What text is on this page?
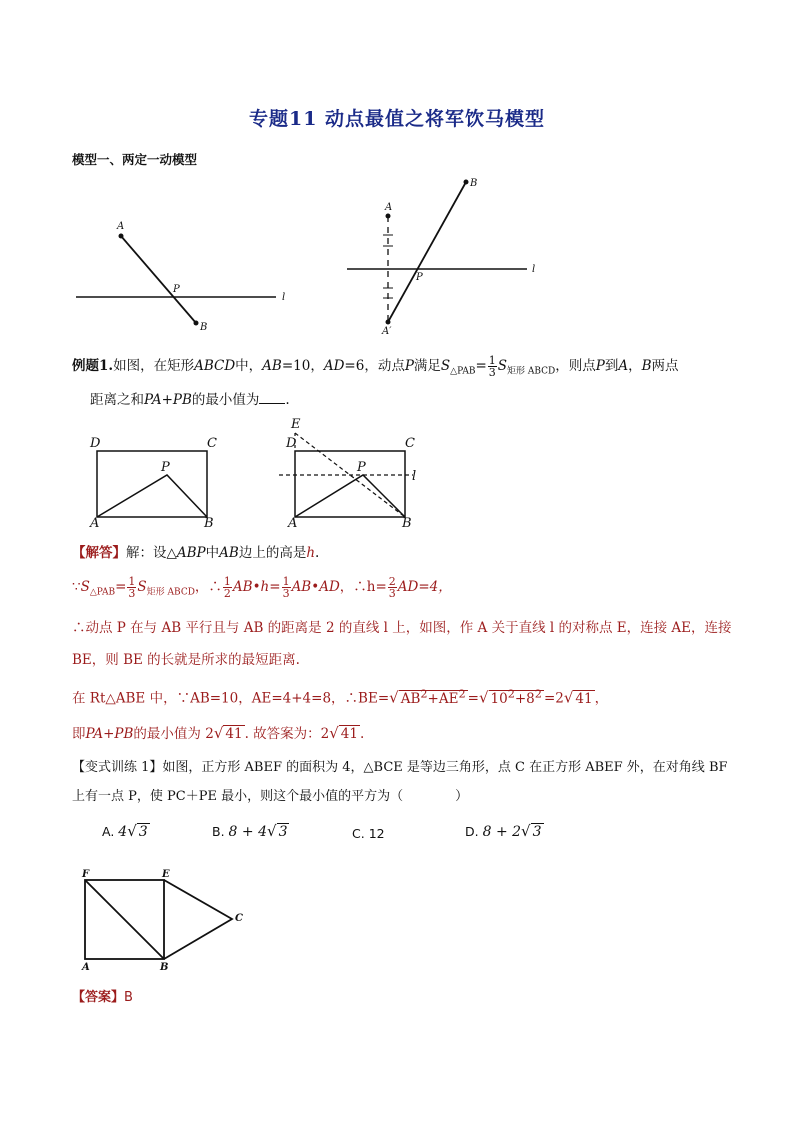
专题11 动点最值之将军饮马模型
模型一、两定一动模型
A
P
B
l
A
B
P
l
A′
例题1.如图，在矩形ABCD中，AB=10，AD=6，动点P满足$S_{\triangle PAB}= \frac{1}{3} S_{矩形 ABCD}$，则点P到A，B两点
距离之和PA+PB的最小值为 .
D	C
P
A	B
E
D	C
P
l
A	B
【解答】解：设△ABP中AB边上的高是h.
$\because S_{\triangle PAB}= \frac{1}{3} S_{矩形 ABCD}$，∴ $\frac{1}{2}$ AB•h= $\frac{1}{3}$ AB•AD，∴h= $\frac{2}{3} AD=4$，
∴动点 P 在与 AB 平行且与 AB 的距离是 2 的直线 l 上，如图，作 A 关于直线 l 的对称点 E，连接 AE，连接
BE，则 BE 的长就是所求的最短距离.
在 Rt△ABE 中，∵AB=10，AE=4+4=8，∴BE=√ $AB^2+AE^2$ =√ $10^2+8^2 =2√$ 41 ，
即PA+PB的最小值为 2√ 41 . 故答案为：2√ 41 .
【变式训练 1】如图，正方形 ABEF 的面积为 4，△BCE 是等边三角形，点 C 在正方形 ABEF 外，在对角线 BF
上有一点 P，使 PC＋PE 最小，则这个最小值的平方为（　　　　）
A. 4√ 3	B. 8 + 4√ 3	C. 12	D. 8 + 2√ 3
F	E
C
A	B
【答案】B
